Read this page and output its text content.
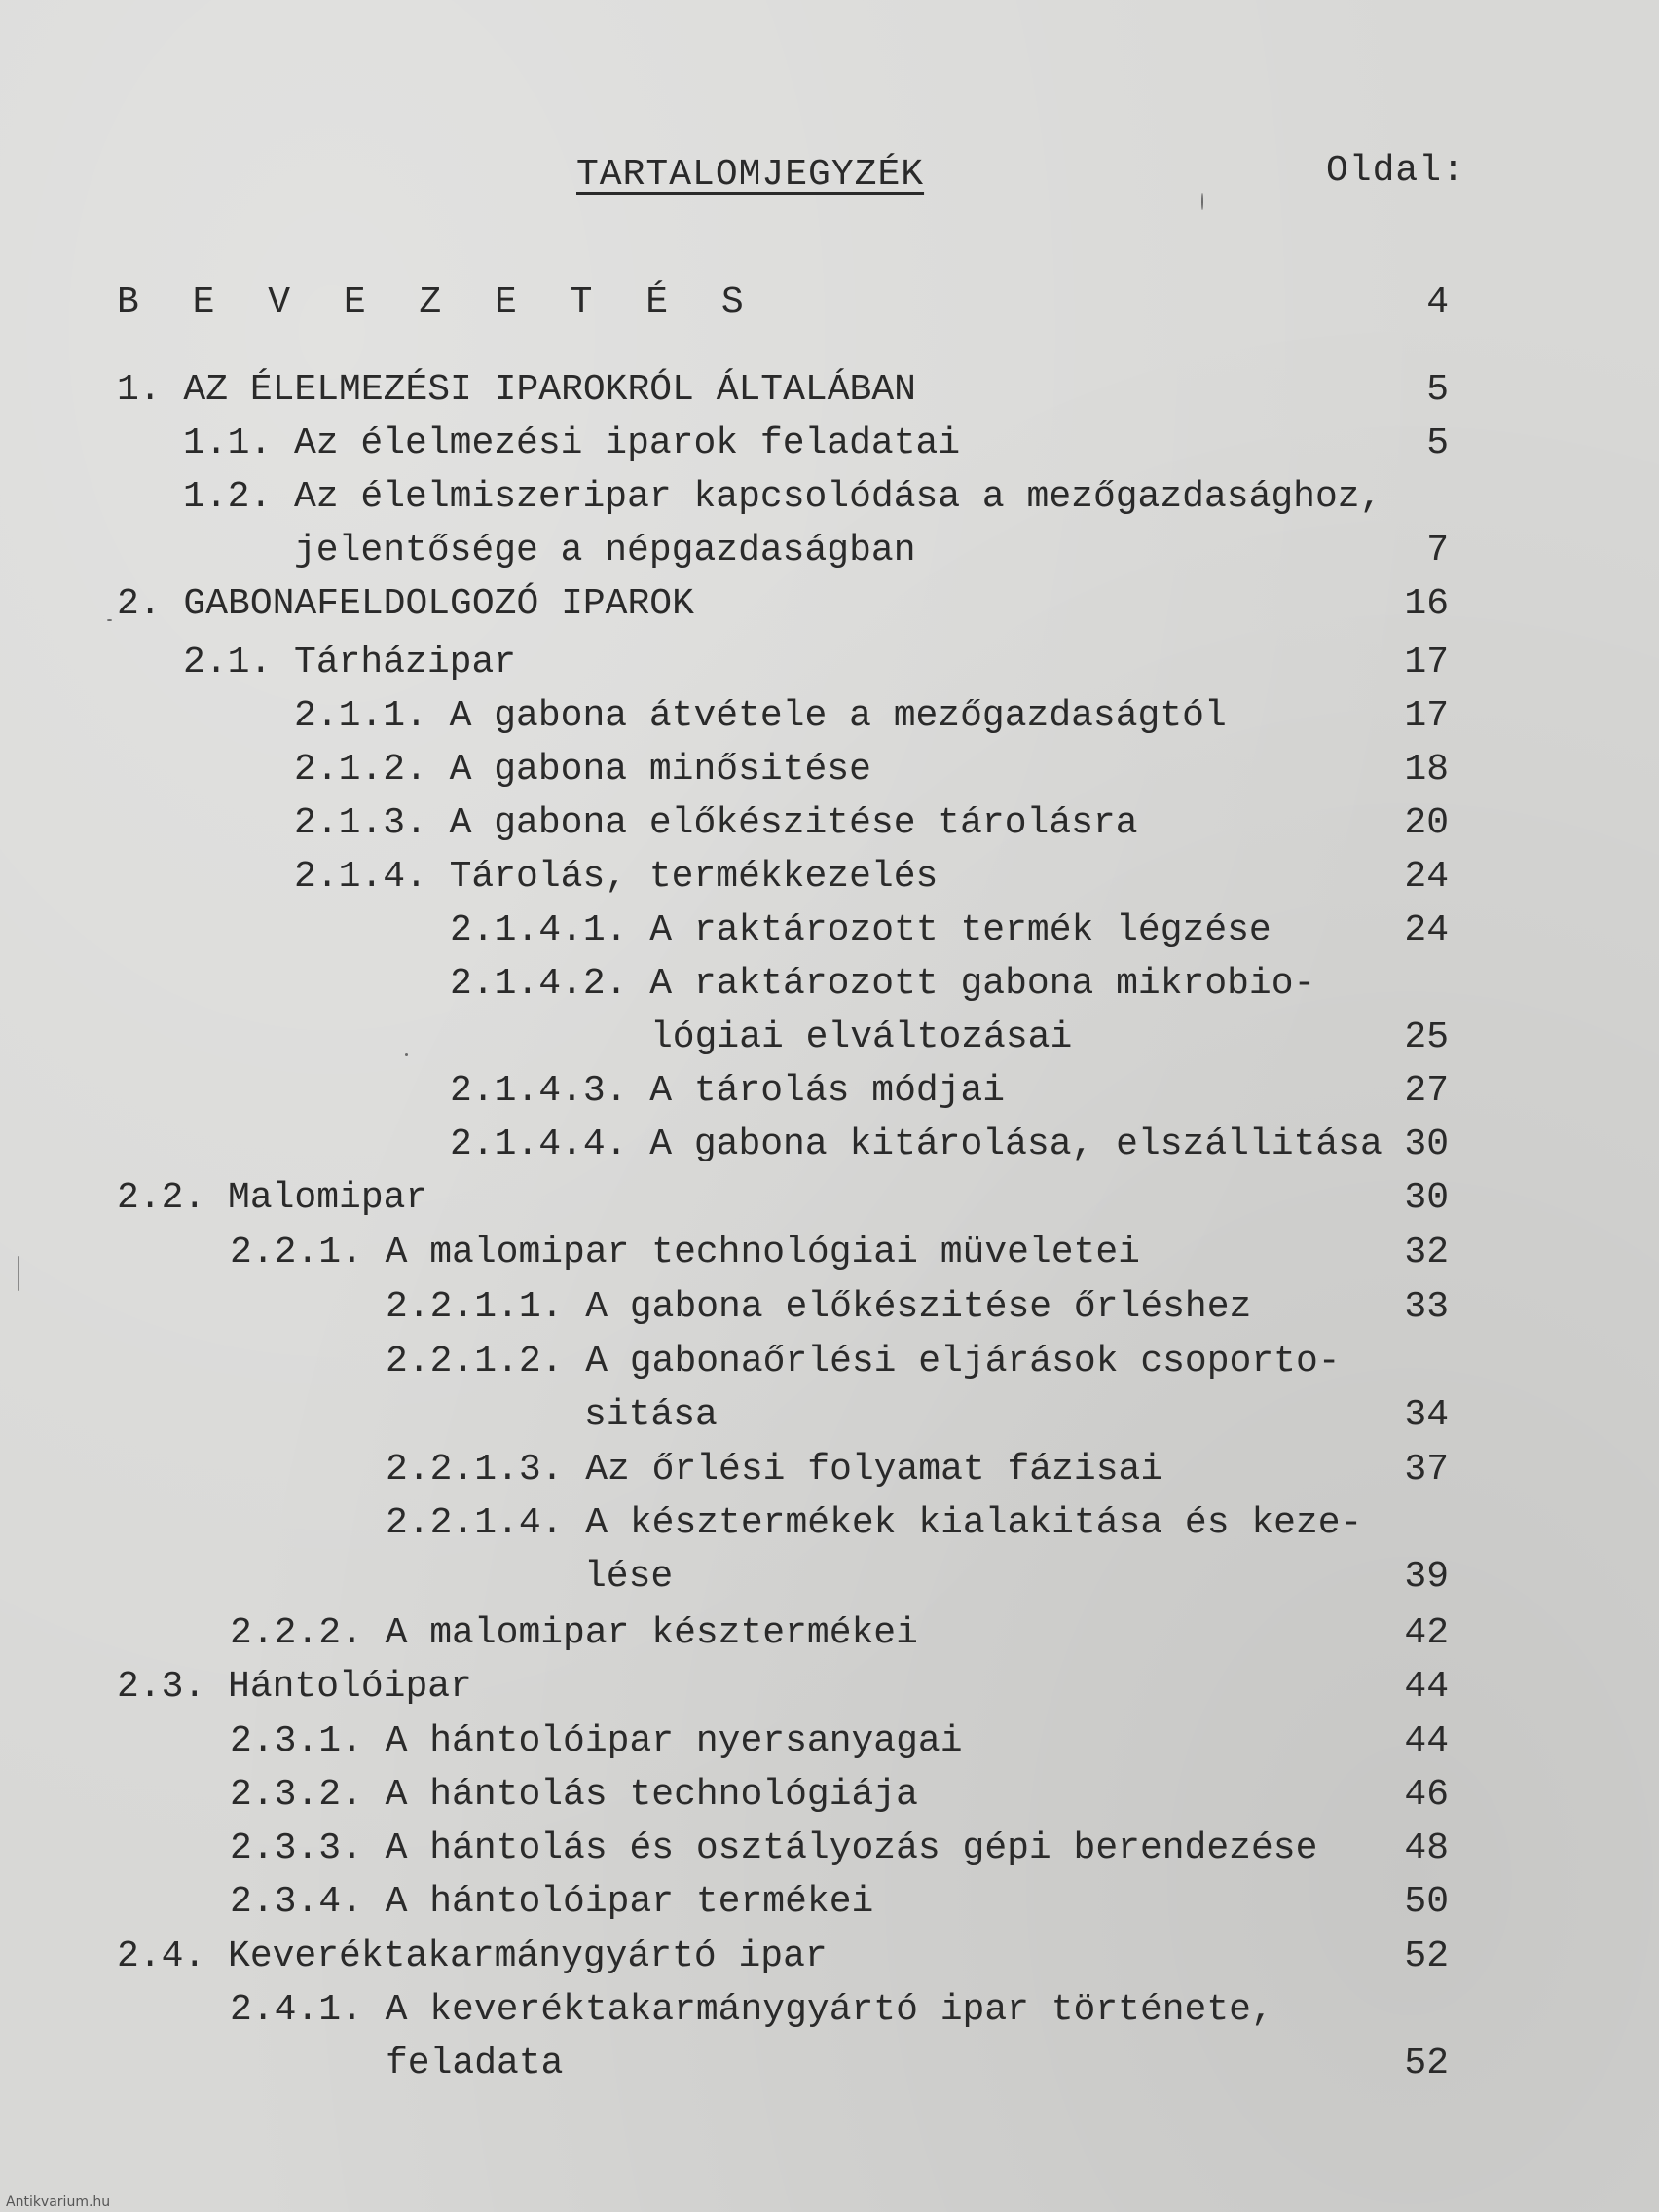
TARTALOMJEGYZÉK	Oldal:
B E V E Z E T É S	4
1. AZ ÉLELMEZÉSI IPAROKRÓL ÁLTALÁBAN	5
1.1. Az élelmezési iparok feladatai	5
1.2. Az élelmiszeripar kapcsolódása a mezőgazdasághoz,
jelentősége a népgazdaságban	7
2. GABONAFELDOLGOZÓ IPAROK	16
2.1. Tárházipar	17
2.1.1. A gabona átvétele a mezőgazdaságtól	17
2.1.2. A gabona minősitése	18
2.1.3. A gabona előkészitése tárolásra	20
2.1.4. Tárolás, termékkezelés	24
2.1.4.1. A raktározott termék légzése	24
2.1.4.2. A raktározott gabona mikrobio-
lógiai elváltozásai	25
2.1.4.3. A tárolás módjai	27
2.1.4.4. A gabona kitárolása, elszállitása 30
2.2. Malomipar	30
2.2.1. A malomipar technológiai müveletei	32
2.2.1.1. A gabona előkészitése őrléshez	33
2.2.1.2. A gabonaőrlési eljárások csoporto-
sitása	34
2.2.1.3. Az őrlési folyamat fázisai	37
2.2.1.4. A késztermékek kialakitása és keze-
lése	39
2.2.2. A malomipar késztermékei	42
2.3. Hántolóipar	44
2.3.1. A hántolóipar nyersanyagai	44
2.3.2. A hántolás technológiája	46
2.3.3. A hántolás és osztályozás gépi berendezése 48
2.3.4. A hántolóipar termékei	50
2.4. Keveréktakarmánygyártó ipar	52
2.4.1. A keveréktakarmánygyártó ipar története,
feladata	52
Antikvarium.hu
